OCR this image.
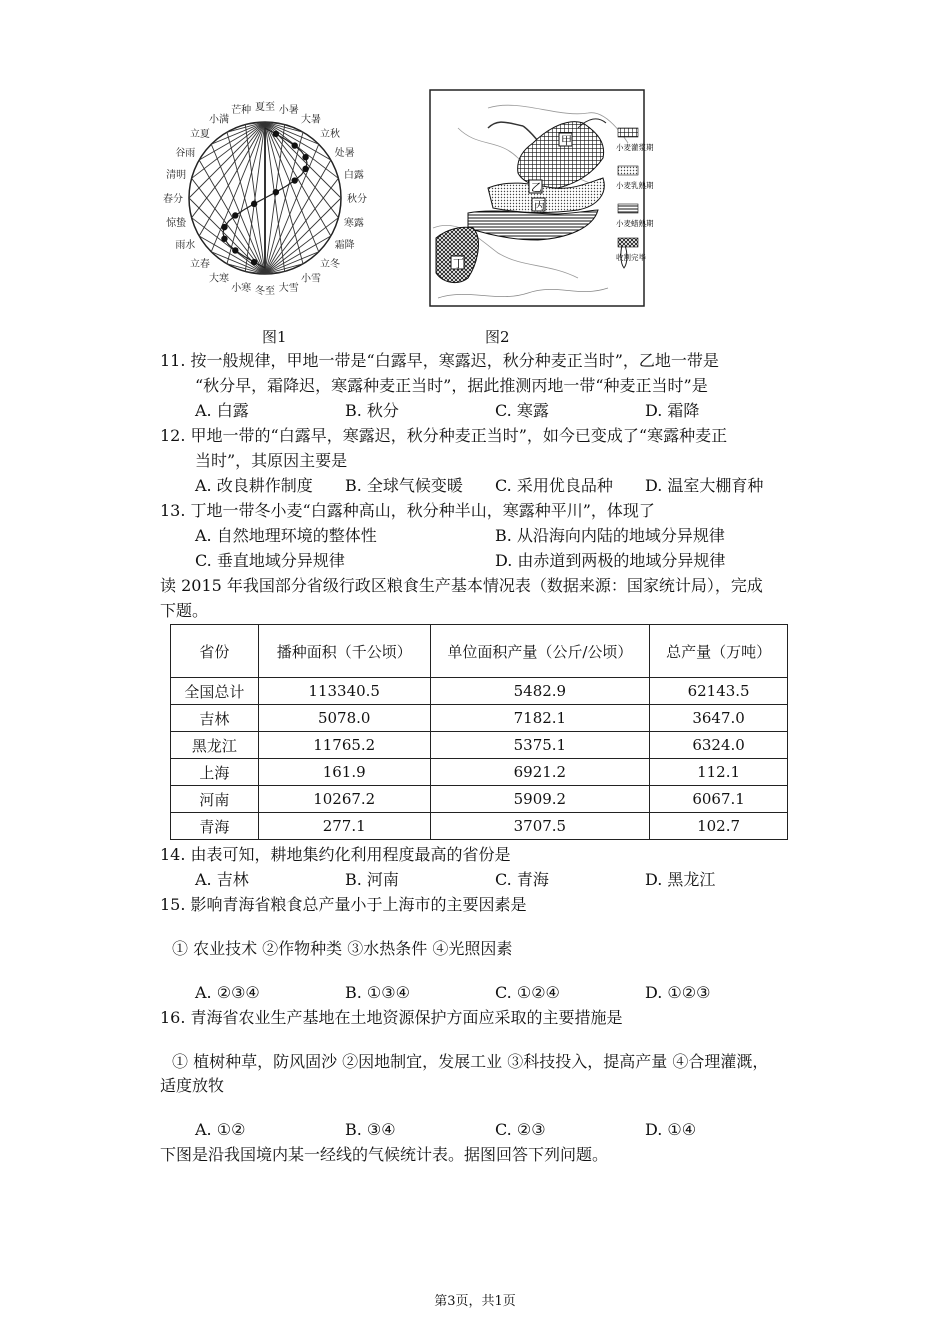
夏至 小暑
大暑
立秋
处暑
白露
秋分
寒露
霜降
立冬
小雪
大雪
冬至
小寒
大寒
立春
雨水
惊蛰
春分
清明
谷雨
立夏
小满
芒种
甲
乙
丙
丁
小麦灌浆期
小麦乳熟期
小麦蜡熟期
收割完毕
图1	图2
11. 按一般规律，甲地一带是“白露早，寒露迟，秋分种麦正当时”，乙地一带是
“秋分早，霜降迟，寒露种麦正当时”，据此推测丙地一带“种麦正当时”是
A. 白露	B. 秋分	C. 寒露	D. 霜降
12. 甲地一带的“白露早，寒露迟，秋分种麦正当时”，如今已变成了“寒露种麦正
当时”，其原因主要是
A. 改良耕作制度 B. 全球气候变暖 C. 采用优良品种 D. 温室大棚育种
13. 丁地一带冬小麦“白露种高山，秋分种半山，寒露种平川”，体现了
A. 自然地理环境的整体性	B. 从沿海向内陆的地域分异规律
C. 垂直地域分异规律	D. 由赤道到两极的地域分异规律
读 2015 年我国部分省级行政区粮食生产基本情况表（数据来源：国家统计局），完成
下题。
省份	播种面积（千公顷）	单位面积产量（公斤/公顷）	总产量（万吨）
全国总计	113340.5	5482.9	62143.5
吉林	5078.0	7182.1	3647.0
黑龙江	11765.2	5375.1	6324.0
上海	161.9	6921.2	112.1
河南	10267.2	5909.2	6067.1
青海	277.1	3707.5	102.7
14. 由表可知，耕地集约化利用程度最高的省份是
A. 吉林	B. 河南	C. 青海	D. 黑龙江
15. 影响青海省粮食总产量小于上海市的主要因素是
① 农业技术 ②作物种类 ③水热条件 ④光照因素
A. ②③④	B. ①③④	C. ①②④	D. ①②③
16. 青海省农业生产基地在土地资源保护方面应采取的主要措施是
① 植树种草，防风固沙 ②因地制宜，发展工业 ③科技投入，提高产量 ④合理灌溉，
适度放牧
A. ①②	B. ③④	C. ②③	D. ①④
下图是沿我国境内某一经线的气候统计表。据图回答下列问题。
第3页，共1页
